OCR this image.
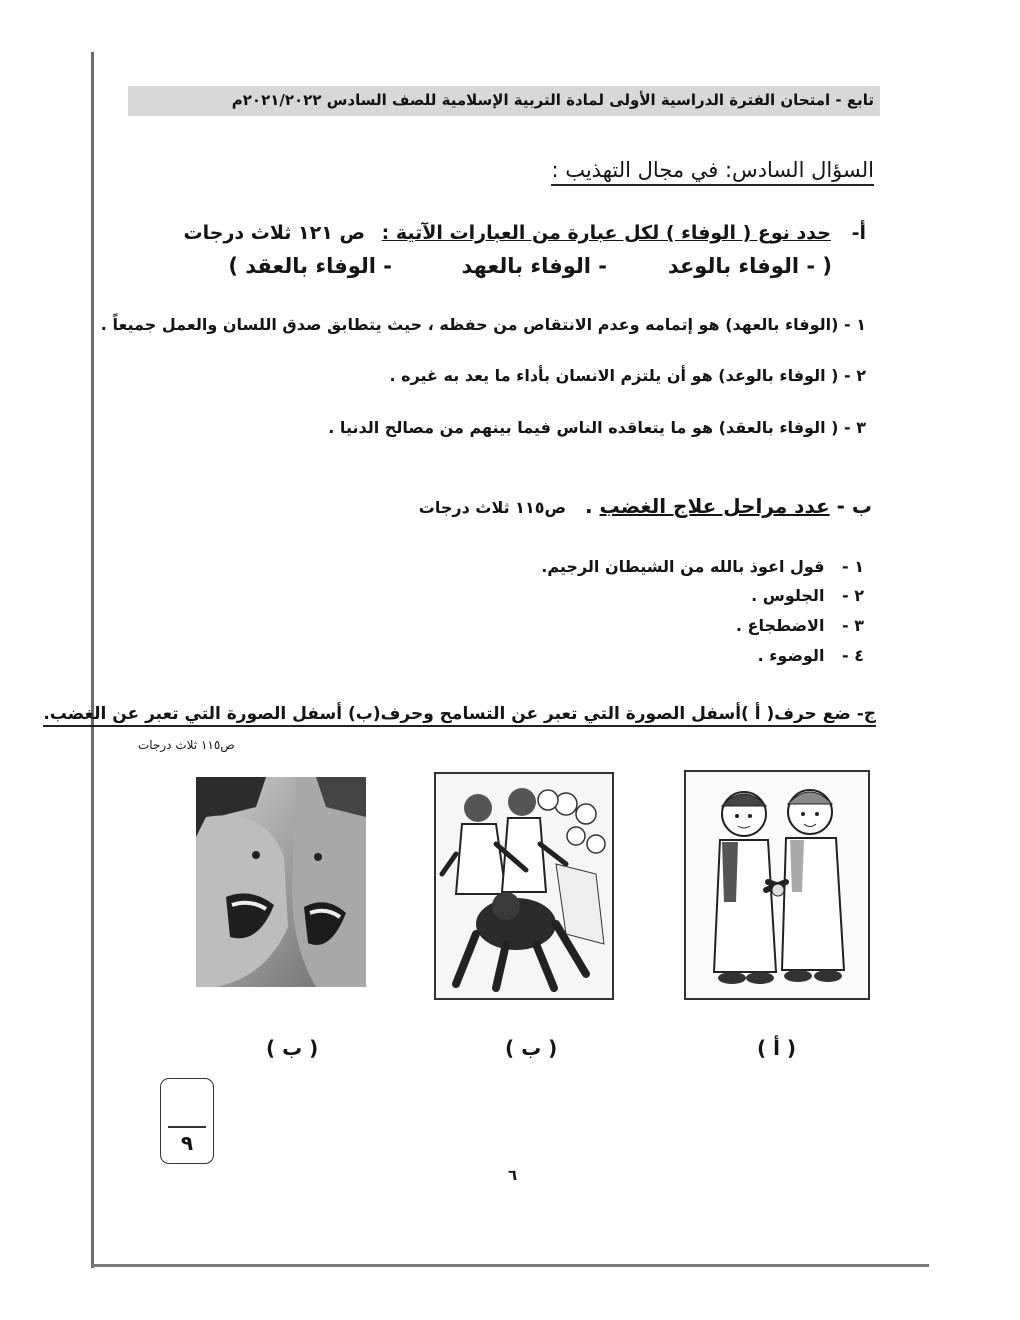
تابع - امتحان الفترة الدراسية الأولى لمادة التربية الإسلامية للصف السادس ٢٠٢١/٢٠٢٢م
السؤال السادس: في مجال التهذيب :
أ- حدد نوع ( الوفاء ) لكل عبارة من العبارات الآتية : ص ١٢١ ثلاث درجات
( - الوفاء بالوعد
- الوفاء بالعهد
- الوفاء بالعقد )
١ - (الوفاء بالعهد) هو إتمامه وعدم الانتقاص من حفظه ، حيث يتطابق صدق اللسان والعمل جميعاً .
٢ - ( الوفاء بالوعد) هو أن يلتزم الانسان بأداء ما يعد به غيره .
٣ - ( الوفاء بالعقد) هو ما يتعاقده الناس فيما بينهم من مصالح الدنيا .
ب - عدد مراحل علاج الغضب . ص١١٥ ثلاث درجات
١ - قول اعوذ بالله من الشيطان الرجيم.
٢ - الجلوس .
٣ - الاضطجاع .
٤ - الوضوء .
ج- ضع حرف( أ )أسفل الصورة التي تعبر عن التسامح وحرف(ب) أسفل الصورة التي تعبر عن الغضب.
ص١١٥ ثلاث درجات
( أ )
( ب )
( ب )
٩
٦
